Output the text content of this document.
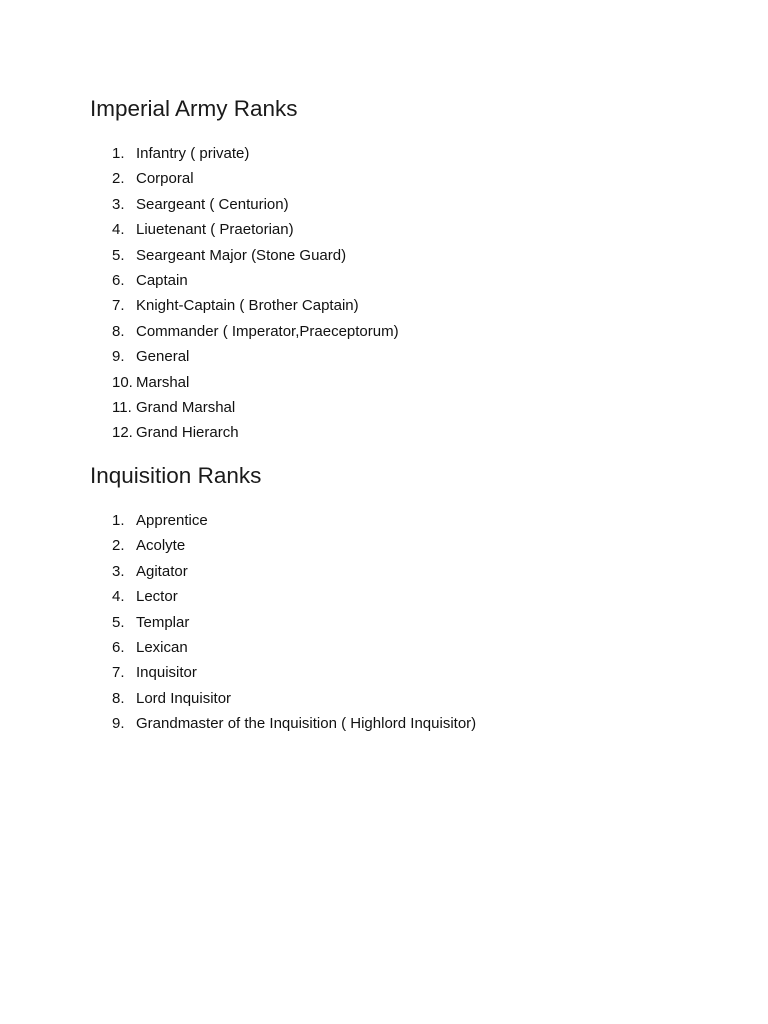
Imperial Army Ranks
1. Infantry ( private)
2. Corporal
3. Seargeant ( Centurion)
4. Liuetenant ( Praetorian)
5. Seargeant Major (Stone Guard)
6. Captain
7. Knight-Captain ( Brother Captain)
8. Commander ( Imperator,Praeceptorum)
9. General
10. Marshal
11. Grand Marshal
12. Grand Hierarch
Inquisition Ranks
1. Apprentice
2. Acolyte
3. Agitator
4. Lector
5. Templar
6. Lexican
7. Inquisitor
8. Lord Inquisitor
9. Grandmaster of the Inquisition ( Highlord Inquisitor)
